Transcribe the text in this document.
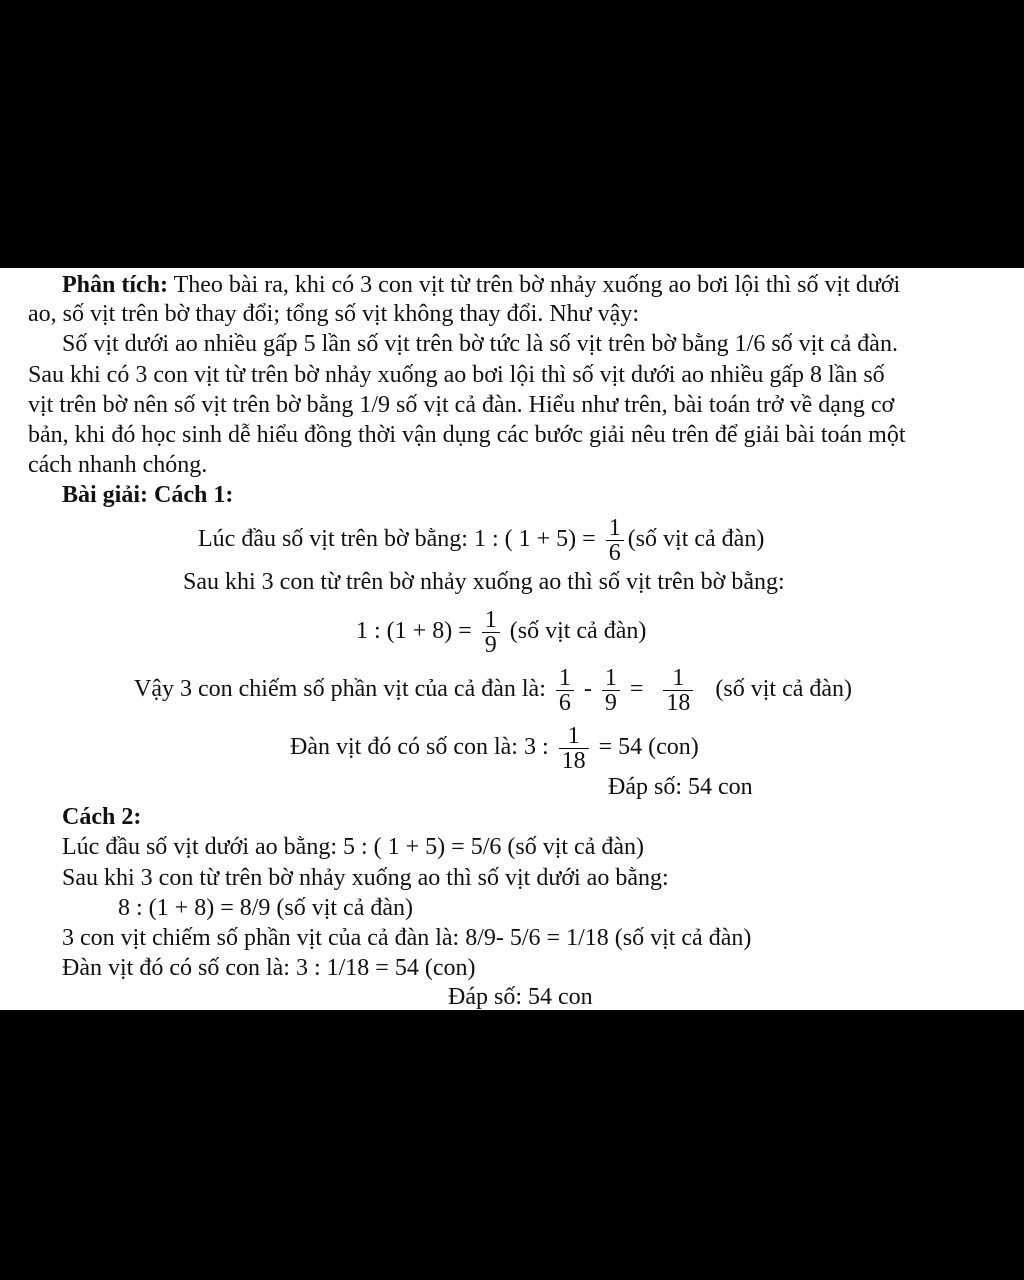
Phân tích: Theo bài ra, khi có 3 con vịt từ trên bờ nhảy xuống ao bơi lội thì số vịt dưới
ao, số vịt trên bờ thay đổi; tổng số vịt không thay đổi. Như vậy:
Số vịt dưới ao nhiều gấp 5 lần số vịt trên bờ tức là số vịt trên bờ bằng 1/6 số vịt cả đàn.
Sau khi có 3 con vịt từ trên bờ nhảy xuống ao bơi lội thì số vịt dưới ao nhiều gấp 8 lần số
vịt trên bờ nên số vịt trên bờ bằng 1/9 số vịt cả đàn. Hiểu như trên, bài toán trở về dạng cơ
bản, khi đó học sinh dễ hiểu đồng thời vận dụng các bước giải nêu trên để giải bài toán một
cách nhanh chóng.
Bài giải: Cách 1:
Lúc đầu số vịt trên bờ bằng: 1 : ( $1 + 5) = \frac{1}{6}$ (số vịt cả đàn)
Sau khi 3 con từ trên bờ nhảy xuống ao thì số vịt trên bờ bằng:
1 : $(1 + 8) = \frac{1}{9}$ (số vịt cả đàn)
Vậy 3 con chiếm số phần vịt của cả đàn là: $\frac{1}{6} - \frac{1}{9} = \frac{1}{18}$ (số vịt cả đàn)
Đàn vịt đó có số con là: 3 : $\frac{1}{18} = 54$ (con)
Đáp số: 54 con
Cách 2:
Lúc đầu số vịt dưới ao bằng: 5 : ( 1 + 5) = 5/6 (số vịt cả đàn)
Sau khi 3 con từ trên bờ nhảy xuống ao thì số vịt dưới ao bằng:
8 : (1 + 8) = 8/9 (số vịt cả đàn)
3 con vịt chiếm số phần vịt của cả đàn là: 8/9- 5/6 = 1/18 (số vịt cả đàn)
Đàn vịt đó có số con là: 3 : 1/18 = 54 (con)
Đáp số: 54 con
